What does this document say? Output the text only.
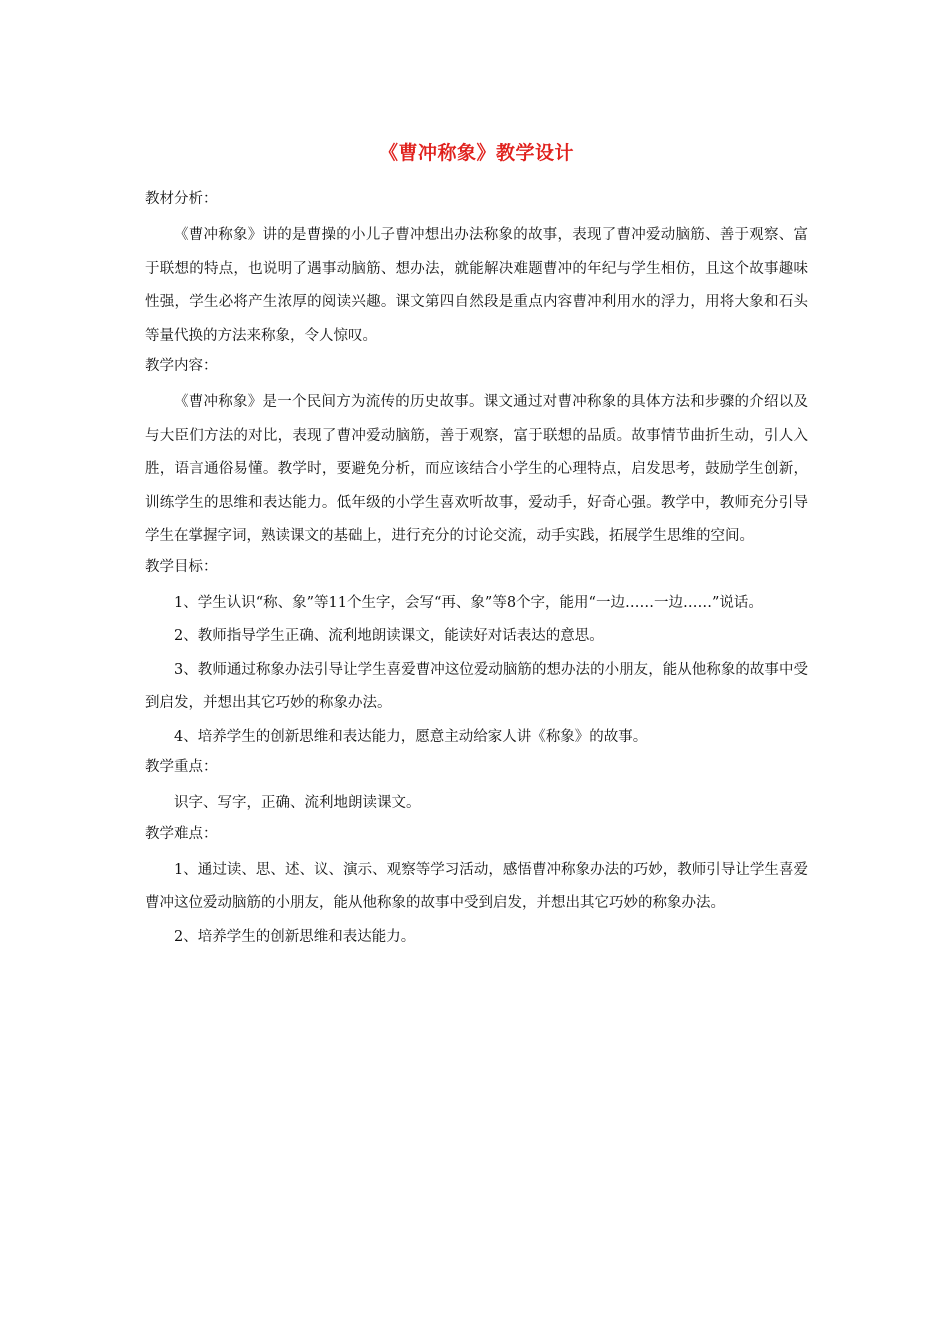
《曹冲称象》教学设计
教材分析：

《曹冲称象》讲的是曹操的小儿子曹冲想出办法称象的故事，表现了曹冲爱动脑筋、善于观察、富于联想的特点，也说明了遇事动脑筋、想办法，就能解决难题曹冲的年纪与学生相仿，且这个故事趣味性强，学生必将产生浓厚的阅读兴趣。课文第四自然段是重点内容曹冲利用水的浮力，用将大象和石头等量代换的方法来称象，令人惊叹。

教学内容：

《曹冲称象》是一个民间方为流传的历史故事。课文通过对曹冲称象的具体方法和步骤的介绍以及与大臣们方法的对比，表现了曹冲爱动脑筋，善于观察，富于联想的品质。故事情节曲折生动，引人入胜，语言通俗易懂。教学时，要避免分析，而应该结合小学生的心理特点，启发思考，鼓励学生创新，训练学生的思维和表达能力。低年级的小学生喜欢听故事，爱动手，好奇心强。教学中，教师充分引导学生在掌握字词，熟读课文的基础上，进行充分的讨论交流，动手实践，拓展学生思维的空间。

教学目标：

1、学生认识“称、象”等11个生字，会写“再、象”等8个字，能用“一边……一边……”说话。

2、教师指导学生正确、流利地朗读课文，能读好对话表达的意思。

3、教师通过称象办法引导让学生喜爱曹冲这位爱动脑筋的想办法的小朋友，能从他称象的故事中受到启发，并想出其它巧妙的称象办法。

4、培养学生的创新思维和表达能力，愿意主动给家人讲《称象》的故事。

教学重点：

识字、写字，正确、流利地朗读课文。

教学难点：

1、通过读、思、述、议、演示、观察等学习活动，感悟曹冲称象办法的巧妙，教师引导让学生喜爱曹冲这位爱动脑筋的小朋友，能从他称象的故事中受到启发，并想出其它巧妙的称象办法。

2、培养学生的创新思维和表达能力。
